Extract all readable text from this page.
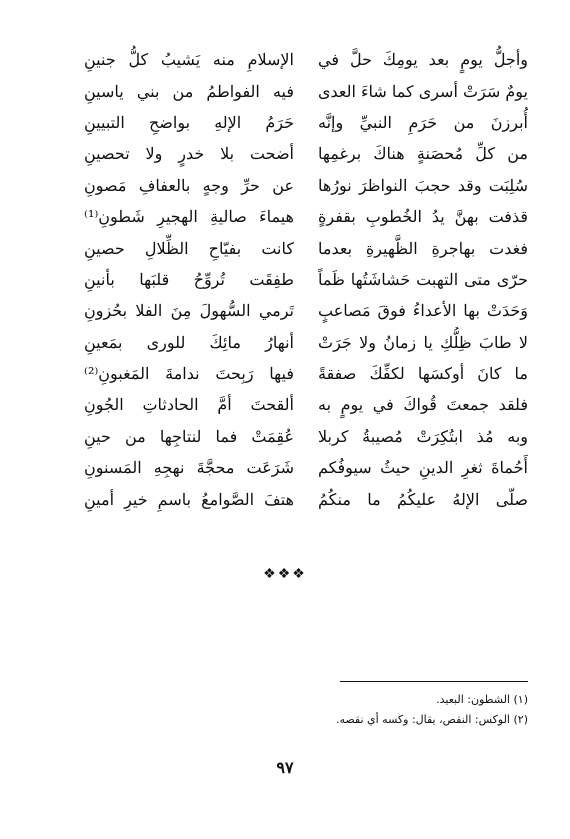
وأجلُّ يومٍ بعد يومِكَ حلَّ في
الإسلامِ منه يَشيبُ كلُّ جنينِ
يومٌ سَرَتْ أسرى كما شاءَ العدى
فيه الفواطمُ من بني ياسينِ
أُبرزنَ من حَرَمِ النبيِّ وإنَّه
حَرَمُ الإلهِ بواضحِ التبيينِ
من كلِّ مُحصَنةٍ هناكَ برغمِها
أضحت بلا خدرٍ ولا تحصينِ
سُلِبَت وقد حجبَ النواظرَ نورُها
عن حرِّ وجهٍ بالعفافِ مَصونِ
قذفت بهنَّ يدُ الخُطوبِ بقفرةٍ
هيماءَ صاليةِ الهجيرِ شَطونِ⁽¹⁾
فغدت بهاجرةِ الظَّهيرةِ بعدما
كانت بفيّاحِ الظِّلالِ حصينِ
حرّى متى التهبت حَشاشَتُها ظَماً
طفِقَت تُروِّحُ قلبَها بأنينِ
وَحَدَتْ بها الأعداءُ فوقَ مَصاعبٍ
تَرمي السُّهولَ مِنَ الفلا بحُزونِ
لا طابَ ظِلُّكِ يا زمانُ ولا جَرَتْ
أنهارُ مائِكَ للورى بمَعينِ
ما كانَ أوكسَها لكفِّكَ صفقةً
فيها رَبِحتَ ندامةَ المَغبونِ⁽²⁾
فلقد جمعتَ قُواكَ في يومٍ به
ألقحتَ أمَّ الحادثاتِ الجُونِ
وبه مُذ ابتُكِرَتْ مُصيبةُ كربلا
عُقِمَتْ فما لنتاجِها من حينِ
أَحُماةَ ثغرِ الدينِ حيثُ سيوفُكم
شَرَعَت محجَّةَ نهجِهِ المَسنونِ
صلّى الإلهُ عليكُمُ ما منكُمُ
هتفَ الصَّوامعُ باسمِ خيرِ أمينِ
❖❖❖
(١) الشطون: البعيد.
(٢) الوكس: النقص، يقال: وكسه أي نقصه.
٩٧
